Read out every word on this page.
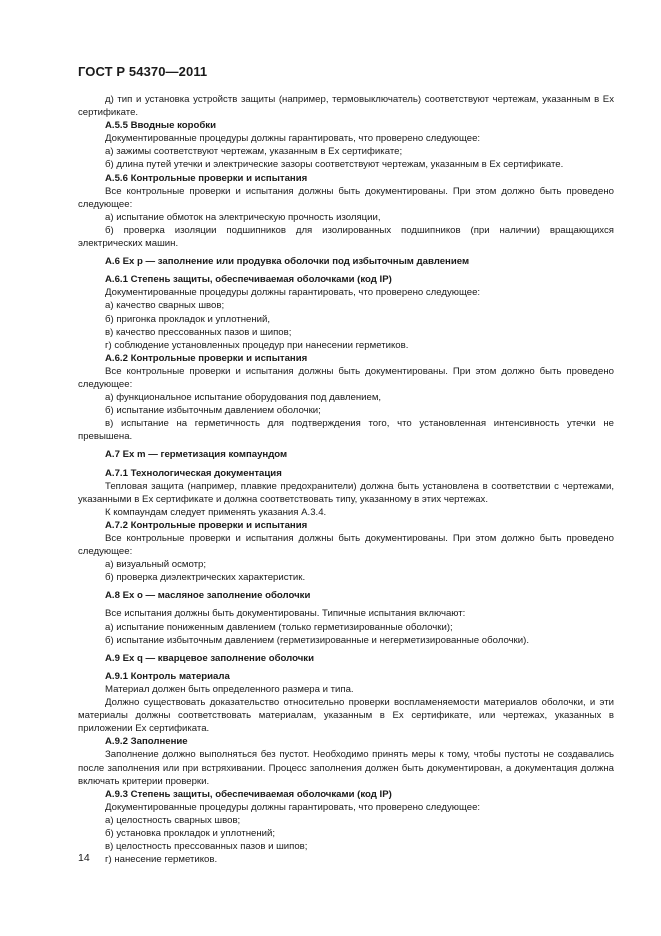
ГОСТ Р 54370—2011
д) тип и установка устройств защиты (например, термовыключатель) соответствуют чертежам, указанным в Ex сертификате.
А.5.5 Вводные коробки
Документированные процедуры должны гарантировать, что проверено следующее:
а) зажимы соответствуют чертежам, указанным в Ex сертификате;
б) длина путей утечки и электрические зазоры соответствуют чертежам, указанным в Ex сертификате.
А.5.6 Контрольные проверки и испытания
Все контрольные проверки и испытания должны быть документированы. При этом должно быть проведено следующее:
а) испытание обмоток на электрическую прочность изоляции,
б) проверка изоляции подшипников для изолированных подшипников (при наличии) вращающихся электрических машин.
А.6 Ex p — заполнение или продувка оболочки под избыточным давлением
А.6.1 Степень защиты, обеспечиваемая оболочками (код IP)
Документированные процедуры должны гарантировать, что проверено следующее:
а) качество сварных швов;
б) пригонка прокладок и уплотнений,
в) качество прессованных пазов и шипов;
г) соблюдение установленных процедур при нанесении герметиков.
А.6.2 Контрольные проверки и испытания
Все контрольные проверки и испытания должны быть документированы. При этом должно быть проведено следующее:
а) функциональное испытание оборудования под давлением,
б) испытание избыточным давлением оболочки;
в) испытание на герметичность для подтверждения того, что установленная интенсивность утечки не превышена.
А.7 Ex m — герметизация компаундом
А.7.1 Технологическая документация
Тепловая защита (например, плавкие предохранители) должна быть установлена в соответствии с чертежами, указанными в Ex сертификате и должна соответствовать типу, указанному в этих чертежах.
К компаундам следует применять указания А.3.4.
А.7.2 Контрольные проверки и испытания
Все контрольные проверки и испытания должны быть документированы. При этом должно быть проведено следующее:
а) визуальный осмотр;
б) проверка диэлектрических характеристик.
А.8 Ex o — масляное заполнение оболочки
Все испытания должны быть документированы. Типичные испытания включают:
а) испытание пониженным давлением (только герметизированные оболочки);
б) испытание избыточным давлением (герметизированные и негерметизированные оболочки).
А.9 Ex q — кварцевое заполнение оболочки
А.9.1 Контроль материала
Материал должен быть определенного размера и типа.
Должно существовать доказательство относительно проверки воспламеняемости материалов оболочки, и эти материалы должны соответствовать материалам, указанным в Ex сертификате, или чертежах, указанных в приложении Ex сертификата.
А.9.2 Заполнение
Заполнение должно выполняться без пустот. Необходимо принять меры к тому, чтобы пустоты не создавались после заполнения или при встряхивании. Процесс заполнения должен быть документирован, а документация должна включать критерии проверки.
А.9.3 Степень защиты, обеспечиваемая оболочками (код IP)
Документированные процедуры должны гарантировать, что проверено следующее:
а) целостность сварных швов;
б) установка прокладок и уплотнений;
в) целостность прессованных пазов и шипов;
г) нанесение герметиков.
14
